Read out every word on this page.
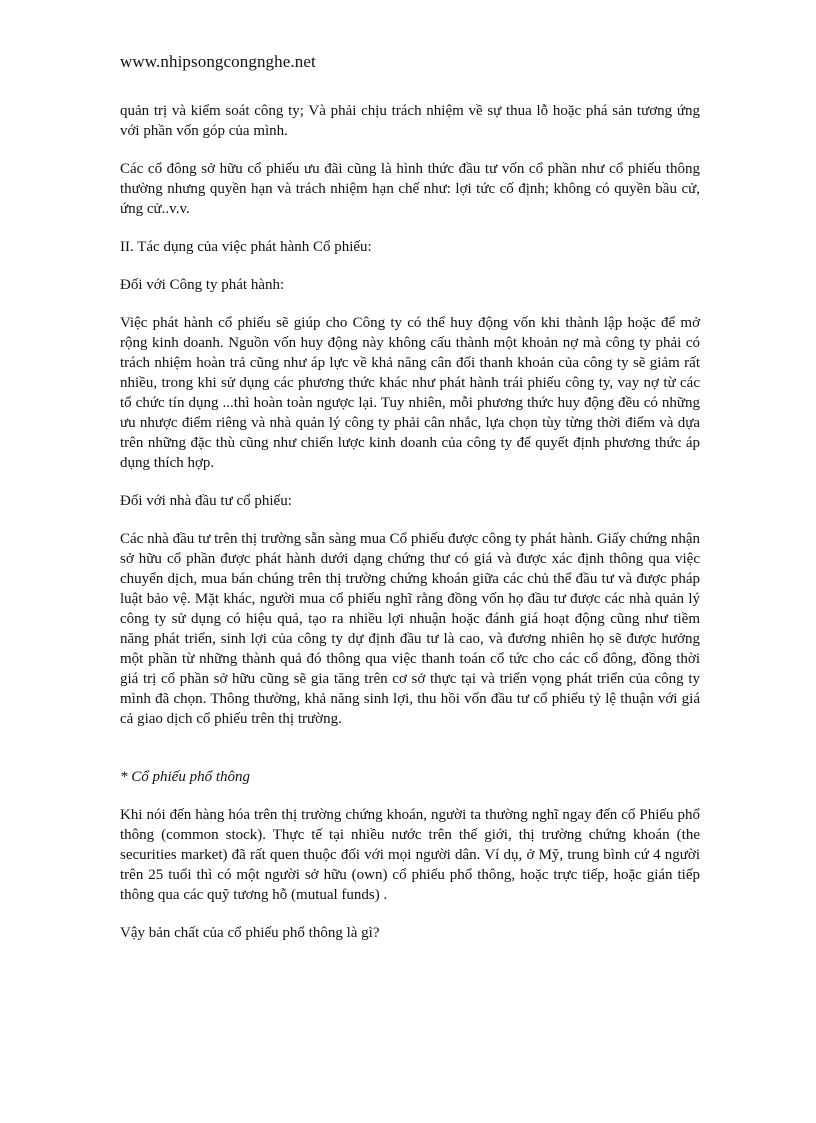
www.nhipsongcongnghe.net

quản trị và kiểm soát công ty; Và phải chịu trách nhiệm về sự thua lỗ hoặc phá sản tương ứng với phần vốn góp của mình.

Các cổ đông sở hữu cổ phiếu ưu đãi cũng là hình thức đầu tư vốn cổ phần như cổ phiếu thông thường nhưng quyền hạn và trách nhiệm hạn chế như: lợi tức cố định; không có quyền bầu cử, ứng cử..v.v.

II. Tác dụng của việc phát hành Cổ phiếu:

Đối với Công ty phát hành:

Việc phát hành cổ phiếu sẽ giúp cho Công ty có thể huy động vốn khi thành lập hoặc để mở rộng kinh doanh. Nguồn vốn huy động này không cấu thành một khoản nợ mà công ty phải có trách nhiệm hoàn trả cũng như áp lực về khả năng cân đối thanh khoản của công ty sẽ giảm rất nhiều, trong khi sử dụng các phương thức khác như phát hành trái phiếu công ty, vay nợ từ các tổ chức tín dụng ...thì hoàn toàn ngược lại. Tuy nhiên, mỗi phương thức huy động đều có những ưu nhược điểm riêng và nhà quản lý công ty phải cân nhắc, lựa chọn tùy từng thời điểm và dựa trên những đặc thù cũng như chiến lược kinh doanh của công ty để quyết định phương thức áp dụng thích hợp.

Đối với nhà đầu tư cổ phiếu:

Các nhà đầu tư trên thị trường sẵn sàng mua Cổ phiếu được công ty phát hành. Giấy chứng nhận sở hữu cổ phần được phát hành dưới dạng chứng thư có giá và được xác định thông qua việc chuyển dịch, mua bán chúng trên thị trường chứng khoán giữa các chủ thể đầu tư và được pháp luật bảo vệ. Mặt khác, người mua cổ phiếu nghĩ rằng đồng vốn họ đầu tư được các nhà quản lý công ty sử dụng có hiệu quả, tạo ra nhiều lợi nhuận hoặc đánh giá hoạt động cũng như tiềm năng phát triển, sinh lợi của công ty dự định đầu tư là cao, và đương nhiên họ sẽ được hưởng một phần từ những thành quả đó thông qua việc thanh toán cổ tức cho các cổ đông, đồng thời giá trị cổ phần sở hữu cũng sẽ gia tăng trên cơ sở thực tại và triển vọng phát triển của công ty mình đã chọn. Thông thường, khả năng sinh lợi, thu hồi vốn đầu tư cổ phiếu tỷ lệ thuận với giá cả giao dịch cổ phiếu trên thị trường.

* Cổ phiếu phổ thông

Khi nói đến hàng hóa trên thị trường chứng khoán, người ta thường nghĩ ngay đến cổ Phiếu phổ thông (common stock). Thực tế tại nhiều nước trên thế giới, thị trường chứng khoán (the securities market) đã rất quen thuộc đối với mọi người dân. Ví dụ, ở Mỹ, trung bình cứ 4 người trên 25 tuổi thì có một người sở hữu (own) cổ phiếu phổ thông, hoặc trực tiếp, hoặc gián tiếp thông qua các quỹ tương hỗ (mutual funds) .

Vậy bản chất của cổ phiếu phổ thông là gì?
